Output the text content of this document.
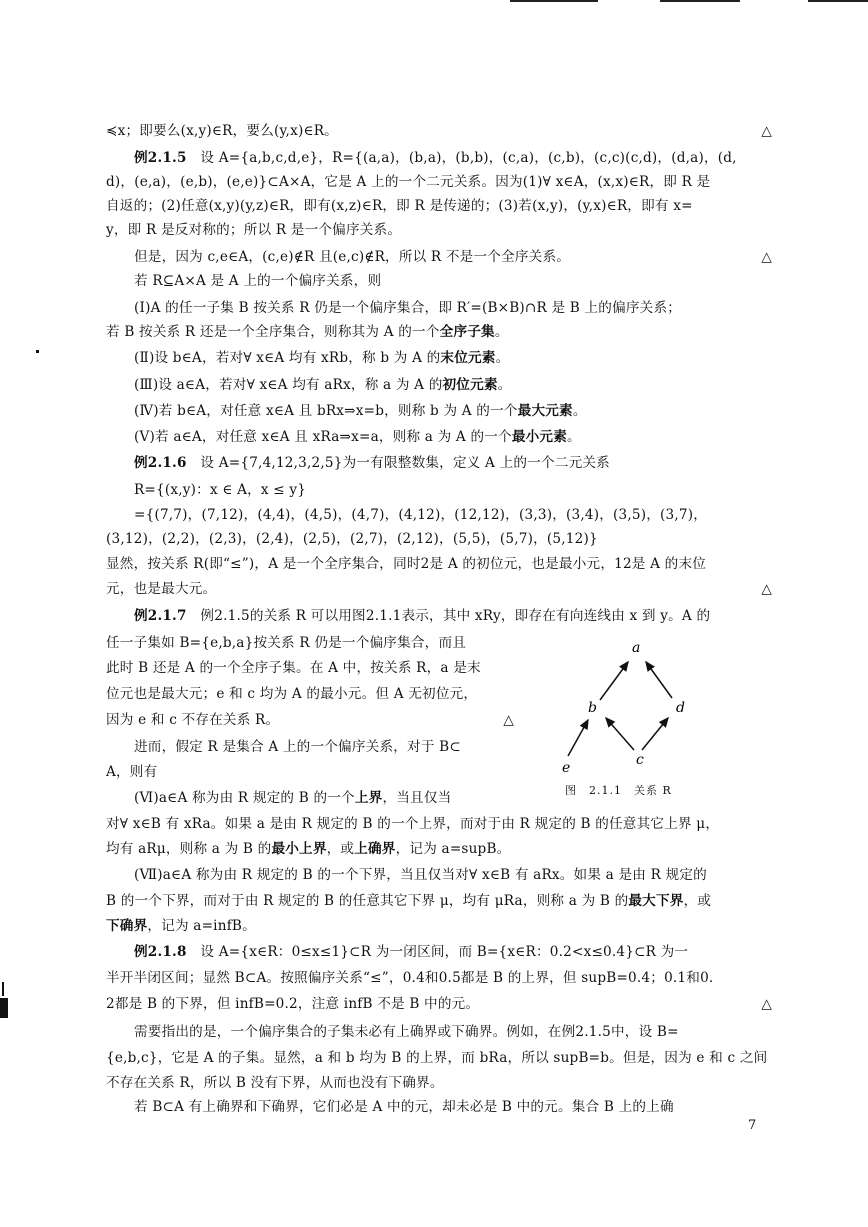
≼x；即要么(x,y)∈R，要么(y,x)∈R。	△
例2.1.5　设 A={a,b,c,d,e}，R={(a,a)，(b,a)，(b,b)，(c,a)，(c,b)，(c,c)(c,d)，(d,a)，(d,
d)，(e,a)，(e,b)，(e,e)}⊂A×A，它是 A 上的一个二元关系。因为(1)∀ x∈A，(x,x)∈R，即 R 是
自返的；(2)任意(x,y)(y,z)∈R，即有(x,z)∈R，即 R 是传递的；(3)若(x,y)，(y,x)∈R，即有 x=
y，即 R 是反对称的；所以 R 是一个偏序关系。
但是，因为 c,e∈A，(c,e)∉R 且(e,c)∉R，所以 R 不是一个全序关系。	△
若 R⊆A×A 是 A 上的一个偏序关系，则
(Ⅰ)A 的任一子集 B 按关系 R 仍是一个偏序集合，即 R′=(B×B)∩R 是 B 上的偏序关系；
若 B 按关系 R 还是一个全序集合，则称其为 A 的一个全序子集。
(Ⅱ)设 b∈A，若对∀ x∈A 均有 xRb，称 b 为 A 的末位元素。
(Ⅲ)设 a∈A，若对∀ x∈A 均有 aRx，称 a 为 A 的初位元素。
(Ⅳ)若 b∈A，对任意 x∈A 且 bRx⇒x=b，则称 b 为 A 的一个最大元素。
(Ⅴ)若 a∈A，对任意 x∈A 且 xRa⇒x=a，则称 a 为 A 的一个最小元素。
例2.1.6　设 A={7,4,12,3,2,5}为一有限整数集，定义 A 上的一个二元关系
R={(x,y)：x ∈ A，x ≤ y}
={(7,7)，(7,12)，(4,4)，(4,5)，(4,7)，(4,12)，(12,12)，(3,3)，(3,4)，(3,5)，(3,7)，
(3,12)，(2,2)，(2,3)，(2,4)，(2,5)，(2,7)，(2,12)，(5,5)，(5,7)，(5,12)}
显然，按关系 R(即“≤”)，A 是一个全序集合，同时2是 A 的初位元，也是最小元，12是 A 的末位
元，也是最大元。	△
例2.1.7　例2.1.5的关系 R 可以用图2.1.1表示，其中 xRy，即存在有向连线由 x 到 y。A 的
任一子集如 B={e,b,a}按关系 R 仍是一个偏序集合，而且
此时 B 还是 A 的一个全序子集。在 A 中，按关系 R，a 是末
位元也是最大元；e 和 c 均为 A 的最小元。但 A 无初位元，
因为 e 和 c 不存在关系 R。	△
进而，假定 R 是集合 A 上的一个偏序关系，对于 B⊂
A，则有
(Ⅵ)a∈A 称为由 R 规定的 B 的一个上界，当且仅当
对∀ x∈B 有 xRa。如果 a 是由 R 规定的 B 的一个上界，而对于由 R 规定的 B 的任意其它上界 μ，
均有 aRμ，则称 a 为 B 的最小上界，或上确界，记为 a=supB。
(Ⅶ)a∈A 称为由 R 规定的 B 的一个下界，当且仅当对∀ x∈B 有 aRx。如果 a 是由 R 规定的
B 的一个下界，而对于由 R 规定的 B 的任意其它下界 μ，均有 μRa，则称 a 为 B 的最大下界，或
下确界，记为 a=infB。
例2.1.8　设 A={x∈R：0≤x≤1}⊂R 为一闭区间，而 B={x∈R：0.2<x≤0.4}⊂R 为一
半开半闭区间；显然 B⊂A。按照偏序关系“≤”，0.4和0.5都是 B 的上界，但 supB=0.4；0.1和0.
2都是 B 的下界，但 infB=0.2，注意 infB 不是 B 中的元。	△
需要指出的是，一个偏序集合的子集未必有上确界或下确界。例如，在例2.1.5中，设 B=
{e,b,c}，它是 A 的子集。显然，a 和 b 均为 B 的上界，而 bRa，所以 supB=b。但是，因为 e 和 c 之间
不存在关系 R，所以 B 没有下界，从而也没有下确界。
若 B⊂A 有上确界和下确界，它们必是 A 中的元，却未必是 B 中的元。集合 B 上的上确
a
b	d
c
e
图　2.1.1　关系 R
7
